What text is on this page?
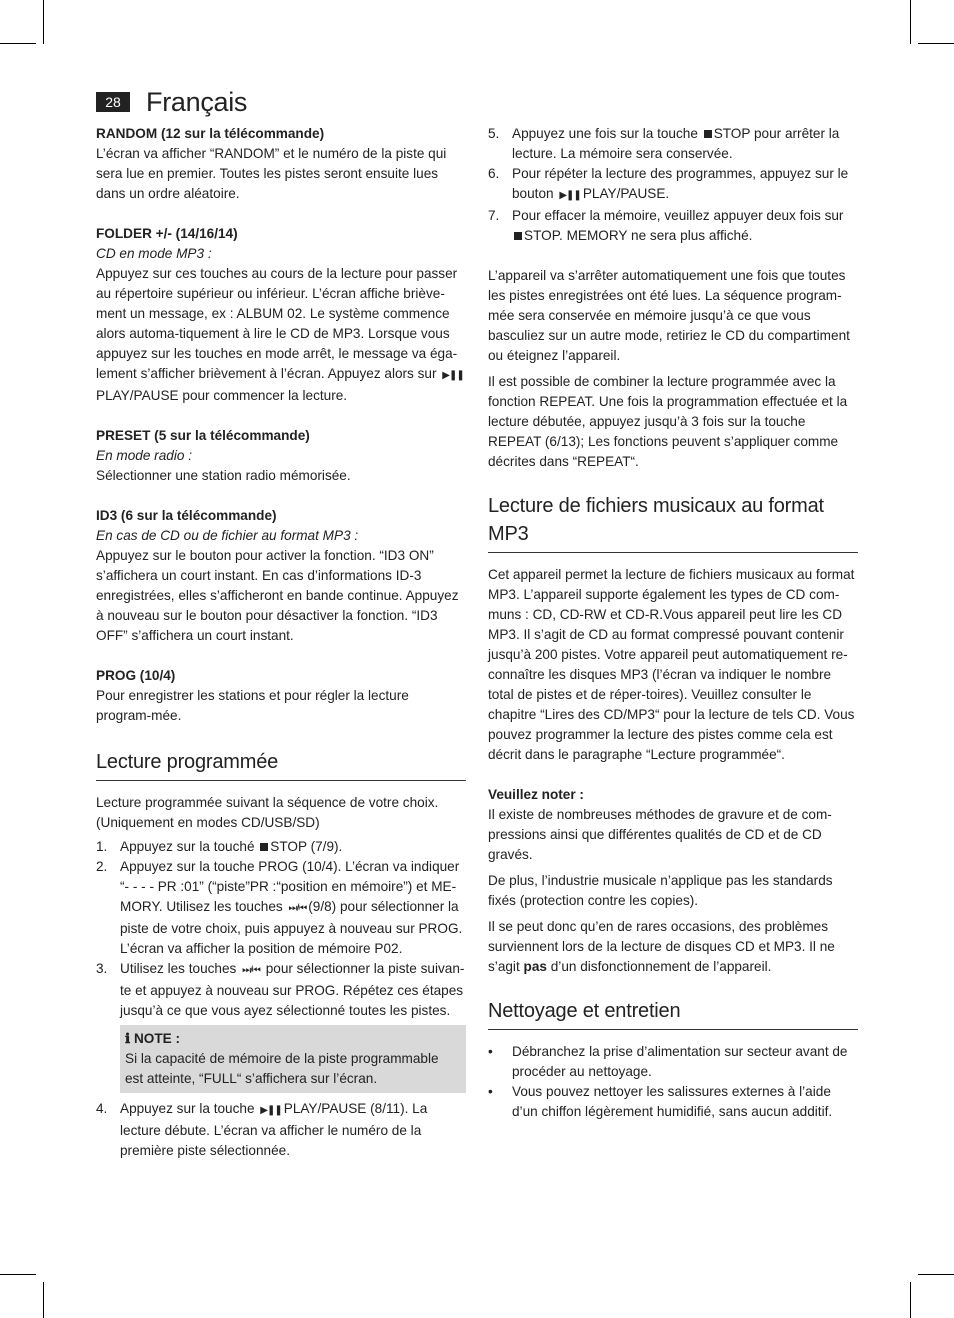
28 Français
RANDOM (12 sur la télécommande)

L’écran va afficher “RANDOM” et le numéro de la piste qui sera lue en premier. Toutes les pistes seront ensuite lues dans un ordre aléatoire.

FOLDER +/- (14/16/14)

CD en mode MP3 :

Appuyez sur ces touches au cours de la lecture pour passer au répertoire supérieur ou inférieur. L’écran affiche briève-ment un message, ex : ALBUM 02. Le système commence alors automa-tiquement à lire le CD de MP3. Lorsque vous appuyez sur les touches en mode arrêt, le message va éga-lement s’afficher brièvement à l’écran. Appuyez alors sur ▶❚❚ PLAY/PAUSE pour commencer la lecture.

PRESET (5 sur la télécommande)

En mode radio :

Sélectionner une station radio mémorisée.

ID3 (6 sur la télécommande)

En cas de CD ou de fichier au format MP3 :

Appuyez sur le bouton pour activer la fonction. “ID3 ON” s’affichera un court instant. En cas d’informations ID-3 enregistrées, elles s’afficheront en bande continue. Appuyez à nouveau sur le bouton pour désactiver la fonction. “ID3 OFF” s’affichera un court instant.

PROG (10/4)

Pour enregistrer les stations et pour régler la lecture program-mée.

Lecture programmée

Lecture programmée suivant la séquence de votre choix. (Uniquement en modes CD/USB/SD)

1. Appuyez sur la touché STOP (7/9).
2. Appuyez sur la touche PROG (10/4). L’écran va indiquer “- - - - PR :01” (“piste”PR :“position en mémoire”) et ME-MORY. Utilisez les touches ⏭/⏮ (9/8) pour sélectionner la piste de votre choix, puis appuyez à nouveau sur PROG. L’écran va afficher la position de mémoire P02.
3. Utilisez les touches ⏭/⏮ pour sélectionner la piste suivan-te et appuyez à nouveau sur PROG. Répétez ces étapes jusqu’à ce que vous ayez sélectionné toutes les pistes.
ℹ NOTE :

Si la capacité de mémoire de la piste programmable est atteinte, “FULL“ s’affichera sur l’écran.

4. Appuyez sur la touche ▶❚❚ PLAY/PAUSE (8/11). La lecture débute. L’écran va afficher le numéro de la première piste sélectionnée.
5. Appuyez une fois sur la touche STOP pour arrêter la lecture. La mémoire sera conservée.
6. Pour répéter la lecture des programmes, appuyez sur le bouton ▶❚❚ PLAY/PAUSE.
7. Pour effacer la mémoire, veuillez appuyer deux fois sur STOP. MEMORY ne sera plus affiché.

L’appareil va s’arrêter automatiquement une fois que toutes les pistes enregistrées ont été lues. La séquence program-mée sera conservée en mémoire jusqu’à ce que vous basculiez sur un autre mode, retiriez le CD du compartiment ou éteignez l’appareil.

Il est possible de combiner la lecture programmée avec la fonction REPEAT. Une fois la programmation effectuée et la lecture débutée, appuyez jusqu’à 3 fois sur la touche REPEAT (6/13); Les fonctions peuvent s’appliquer comme décrites dans “REPEAT“.

Lecture de fichiers musicaux au format MP3

Cet appareil permet la lecture de fichiers musicaux au format MP3. L’appareil supporte également les types de CD com-muns : CD, CD-RW et CD-R.Vous appareil peut lire les CD MP3. Il s’agit de CD au format compressé pouvant contenir jusqu’à 200 pistes. Votre appareil peut automatiquement re-connaître les disques MP3 (l’écran va indiquer le nombre total de pistes et de réper-toires). Veuillez consulter le chapitre “Lires des CD/MP3“ pour la lecture de tels CD. Vous pouvez programmer la lecture des pistes comme cela est décrit dans le paragraphe “Lecture programmée“.

Veuillez noter :

Il existe de nombreuses méthodes de gravure et de com-pressions ainsi que différentes qualités de CD et de CD gravés.

De plus, l’industrie musicale n’applique pas les standards fixés (protection contre les copies).

Il se peut donc qu’en de rares occasions, des problèmes surviennent lors de la lecture de disques CD et MP3. Il ne s’agit pas d’un disfonctionnement de l’appareil.

Nettoyage et entretien
• Débranchez la prise d’alimentation sur secteur avant de procéder au nettoyage.
• Vous pouvez nettoyer les salissures externes à l’aide d’un chiffon légèrement humidifié, sans aucun additif.
